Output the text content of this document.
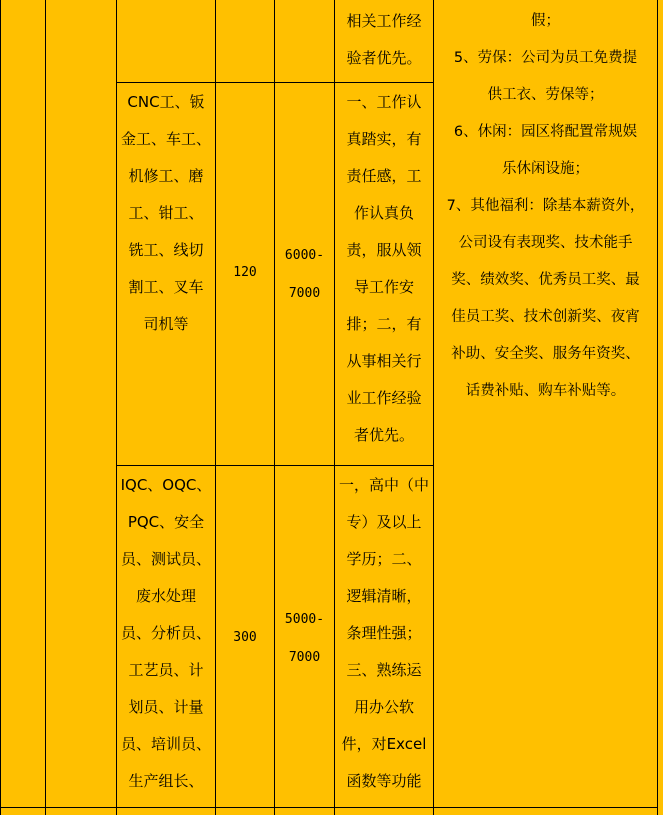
相关工作经
验者优先。
CNC工、钣
金工、车工、
机修工、磨
工、钳工、
铣工、线切
割工、叉车
司机等
120
6000-
7000
一、工作认
真踏实，有
责任感，工
作认真负
责，服从领
导工作安
排；二，有
从事相关行
业工作经验
者优先。
IQC、OQC、
PQC、安全
员、测试员、
废水处理
员、分析员、
工艺员、计
划员、计量
员、培训员、
生产组长、
300
5000-
7000
一，高中（中
专）及以上
学历；二、
逻辑清晰，
条理性强；
三、熟练运
用办公软
件，对Excel
函数等功能
假；
5、劳保：公司为员工免费提
供工衣、劳保等；
6、休闲：园区将配置常规娱
乐休闲设施；
7、其他福利：除基本薪资外，
公司设有表现奖、技术能手
奖、绩效奖、优秀员工奖、最
佳员工奖、技术创新奖、夜宵
补助、安全奖、服务年资奖、
话费补贴、购车补贴等。
